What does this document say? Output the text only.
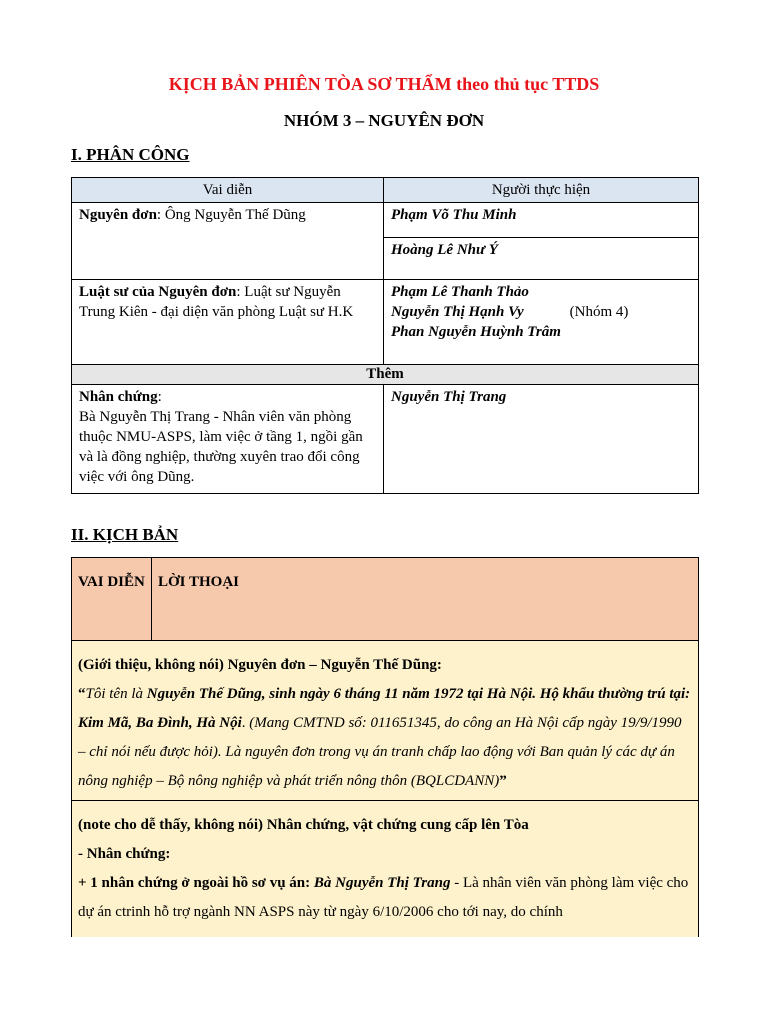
KỊCH BẢN PHIÊN TÒA SƠ THẨM theo thủ tục TTDS
NHÓM 3 – NGUYÊN ĐƠN
I. PHÂN CÔNG
Vai diễn	Người thực hiện
Nguyên đơn: Ông Nguyễn Thế Dũng	Phạm Võ Thu Minh
	Hoàng Lê Như Ý
Luật sư của Nguyên đơn: Luật sư Nguyễn Trung Kiên - đại diện văn phòng Luật sư H.K	Phạm Lê Thanh Thảo
Nguyễn Thị Hạnh Vy (Nhóm 4)
Phan Nguyễn Huỳnh Trâm

Thêm	
Nhân chứng:
Bà Nguyễn Thị Trang - Nhân viên văn phòng thuộc NMU-ASPS, làm việc ở tầng 1, ngồi gần và là đồng nghiệp, thường xuyên trao đổi công việc với ông Dũng.	Nguyễn Thị Trang
II. KỊCH BẢN
VAI DIỄN	LỜI THOẠI

(Giới thiệu, không nói) Nguyên đơn – Nguyễn Thế Dũng:
“Tôi tên là Nguyễn Thế Dũng, sinh ngày 6 tháng 11 năm 1972 tại Hà Nội. Hộ khẩu thường trú tại: Kim Mã, Ba Đình, Hà Nội. (Mang CMTND số: 011651345, do công an Hà Nội cấp ngày 19/9/1990 – chỉ nói nếu được hỏi). Là nguyên đơn trong vụ án tranh chấp lao động với Ban quản lý các dự án nông nghiệp – Bộ nông nghiệp và phát triển nông thôn (BQLCDANN)”

(note cho dễ thấy, không nói) Nhân chứng, vật chứng cung cấp lên Tòa
- Nhân chứng:
+ 1 nhân chứng ở ngoài hồ sơ vụ án: Bà Nguyễn Thị Trang - Là nhân viên văn phòng làm việc cho dự án ctrinh hỗ trợ ngành NN ASPS này từ ngày 6/10/2006 cho tới nay, do chính
